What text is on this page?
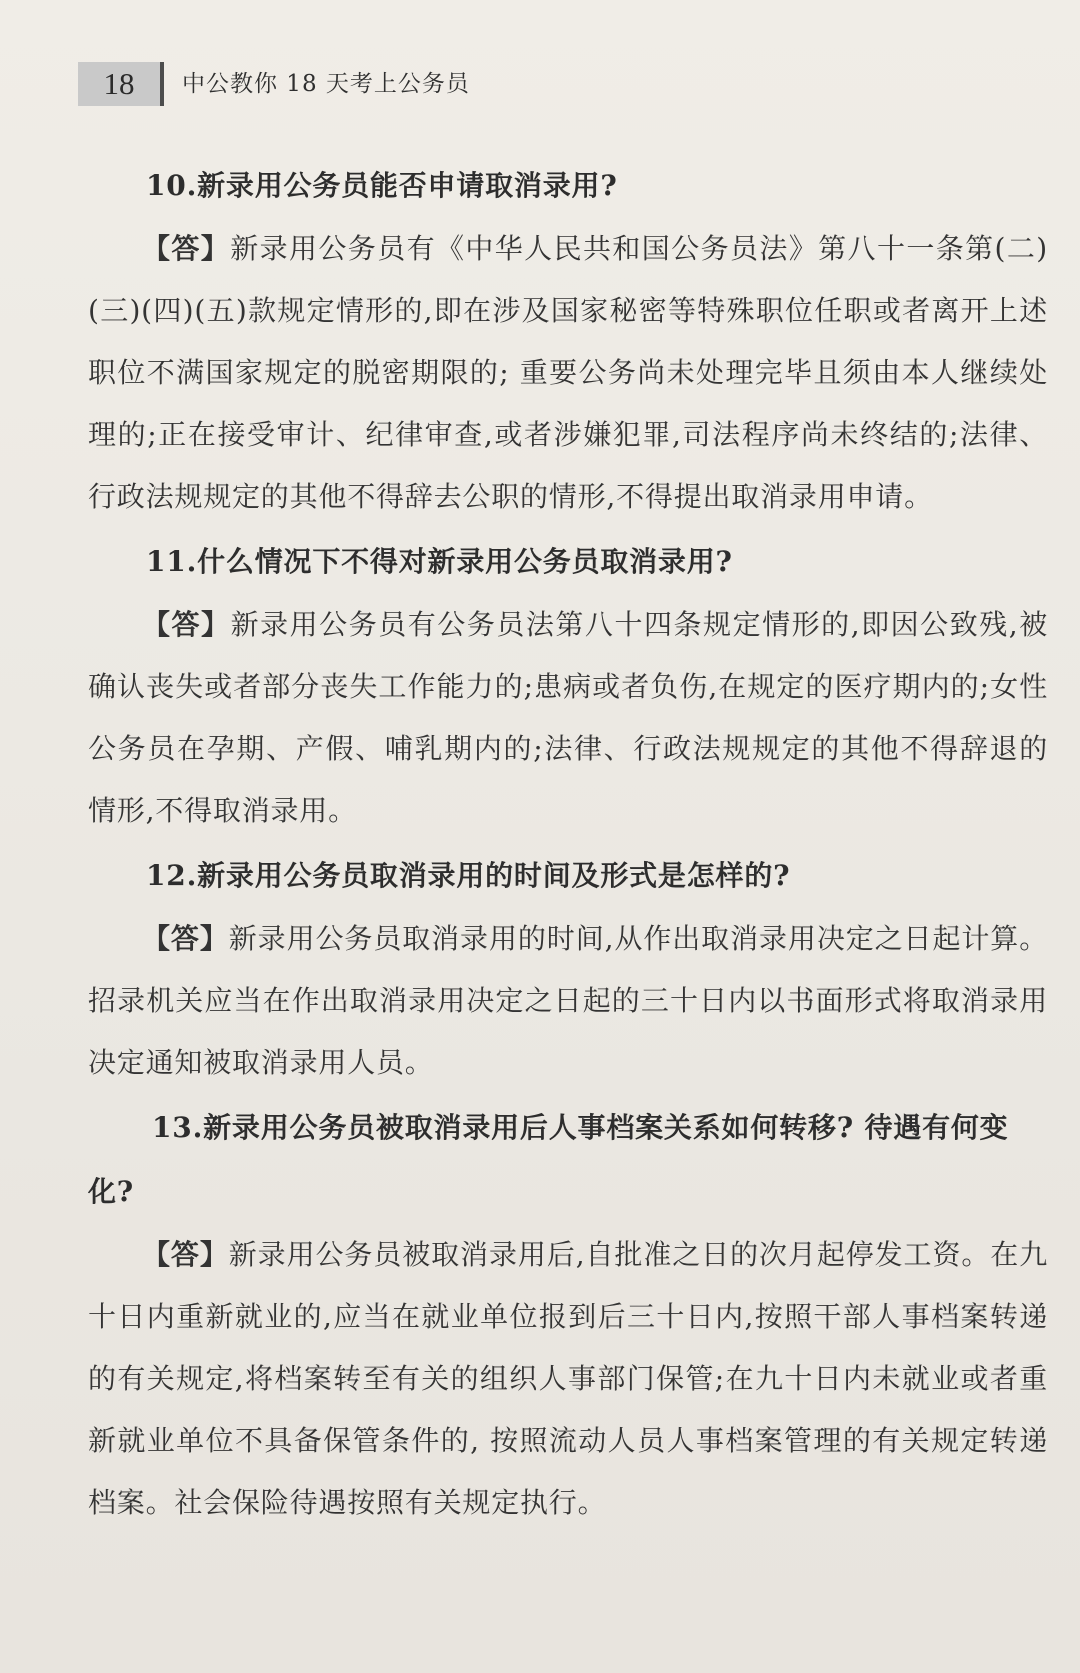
18	中公教你 18 天考上公务员

10.新录用公务员能否申请取消录用?

【答】新录用公务员有《中华人民共和国公务员法》第八十一条第(二)(三)(四)(五)款规定情形的,即在涉及国家秘密等特殊职位任职或者离开上述职位不满国家规定的脱密期限的; 重要公务尚未处理完毕且须由本人继续处理的;正在接受审计、纪律审查,或者涉嫌犯罪,司法程序尚未终结的;法律、行政法规规定的其他不得辞去公职的情形,不得提出取消录用申请。

11.什么情况下不得对新录用公务员取消录用?

【答】新录用公务员有公务员法第八十四条规定情形的,即因公致残,被确认丧失或者部分丧失工作能力的;患病或者负伤,在规定的医疗期内的;女性公务员在孕期、产假、哺乳期内的;法律、行政法规规定的其他不得辞退的情形,不得取消录用。

12.新录用公务员取消录用的时间及形式是怎样的?

【答】新录用公务员取消录用的时间,从作出取消录用决定之日起计算。招录机关应当在作出取消录用决定之日起的三十日内以书面形式将取消录用决定通知被取消录用人员。

13.新录用公务员被取消录用后人事档案关系如何转移? 待遇有何变化?

【答】新录用公务员被取消录用后,自批准之日的次月起停发工资。在九十日内重新就业的,应当在就业单位报到后三十日内,按照干部人事档案转递的有关规定,将档案转至有关的组织人事部门保管;在九十日内未就业或者重新就业单位不具备保管条件的, 按照流动人员人事档案管理的有关规定转递档案。社会保险待遇按照有关规定执行。
